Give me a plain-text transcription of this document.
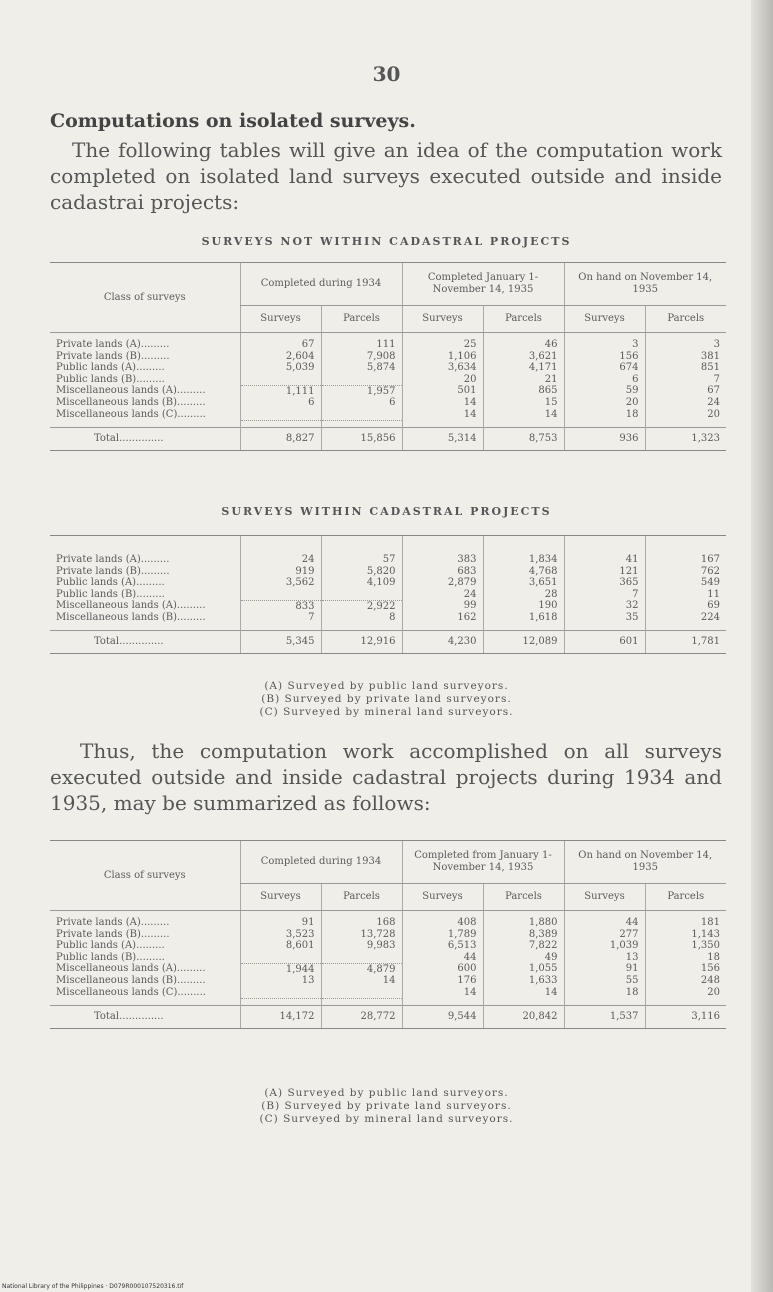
30
Computations on isolated surveys.

The following tables will give an idea of the computation work completed on isolated land surveys executed outside and inside cadastrai projects:

SURVEYS NOT WITHIN CADASTRAL PROJECTS
Class of surveys	Completed during 1934		Completed January 1-November 14, 1935		On hand on November 14, 1935	
	Surveys	Parcels	Surveys	Parcels	Surveys	Parcels

Private lands (A).........	67	111	25	46	3	3
Private lands (B).........	2,604	7,908	1,106	3,621	156	381
Public lands (A).........	5,039	5,874	3,634	4,171	674	851
Public lands (B).........			20	21	6	7
Miscellaneous lands (A).........	1,111	1,957	501	865	59	67
Miscellaneous lands (B).........	6	6	14	15	20	24
Miscellaneous lands (C).........			14	14	18	20

Total..............	8,827	15,856	5,314	8,753	936	1,323
SURVEYS WITHIN CADASTRAL PROJECTS

Private lands (A).........	24	57	383	1,834	41	167
Private lands (B).........	919	5,820	683	4,768	121	762
Public lands (A).........	3,562	4,109	2,879	3,651	365	549
Public lands (B).........			24	28	7	11
Miscellaneous lands (A).........	833	2,922	99	190	32	69
Miscellaneous lands (B).........	7	8	162	1,618	35	224

Total..............	5,345	12,916	4,230	12,089	601	1,781
(A) Surveyed by public land surveyors.
(B) Surveyed by private land surveyors.
(C) Surveyed by mineral land surveyors.

Thus, the computation work accomplished on all surveys executed outside and inside cadastral projects during 1934 and 1935, may be summarized as follows:

Class of surveys	Completed during 1934		Completed from January 1-November 14, 1935		On hand on November 14, 1935	
	Surveys	Parcels	Surveys	Parcels	Surveys	Parcels

Private lands (A).........	91	168	408	1,880	44	181
Private lands (B).........	3,523	13,728	1,789	8,389	277	1,143
Public lands (A).........	8,601	9,983	6,513	7,822	1,039	1,350
Public lands (B).........			44	49	13	18
Miscellaneous lands (A).........	1,944	4,879	600	1,055	91	156
Miscellaneous lands (B).........	13	14	176	1,633	55	248
Miscellaneous lands (C).........			14	14	18	20

Total..............	14,172	28,772	9,544	20,842	1,537	3,116
(A) Surveyed by public land surveyors.
(B) Surveyed by private land surveyors.
(C) Surveyed by mineral land surveyors.
National Library of the Philippines · D079R000107520316.tif
